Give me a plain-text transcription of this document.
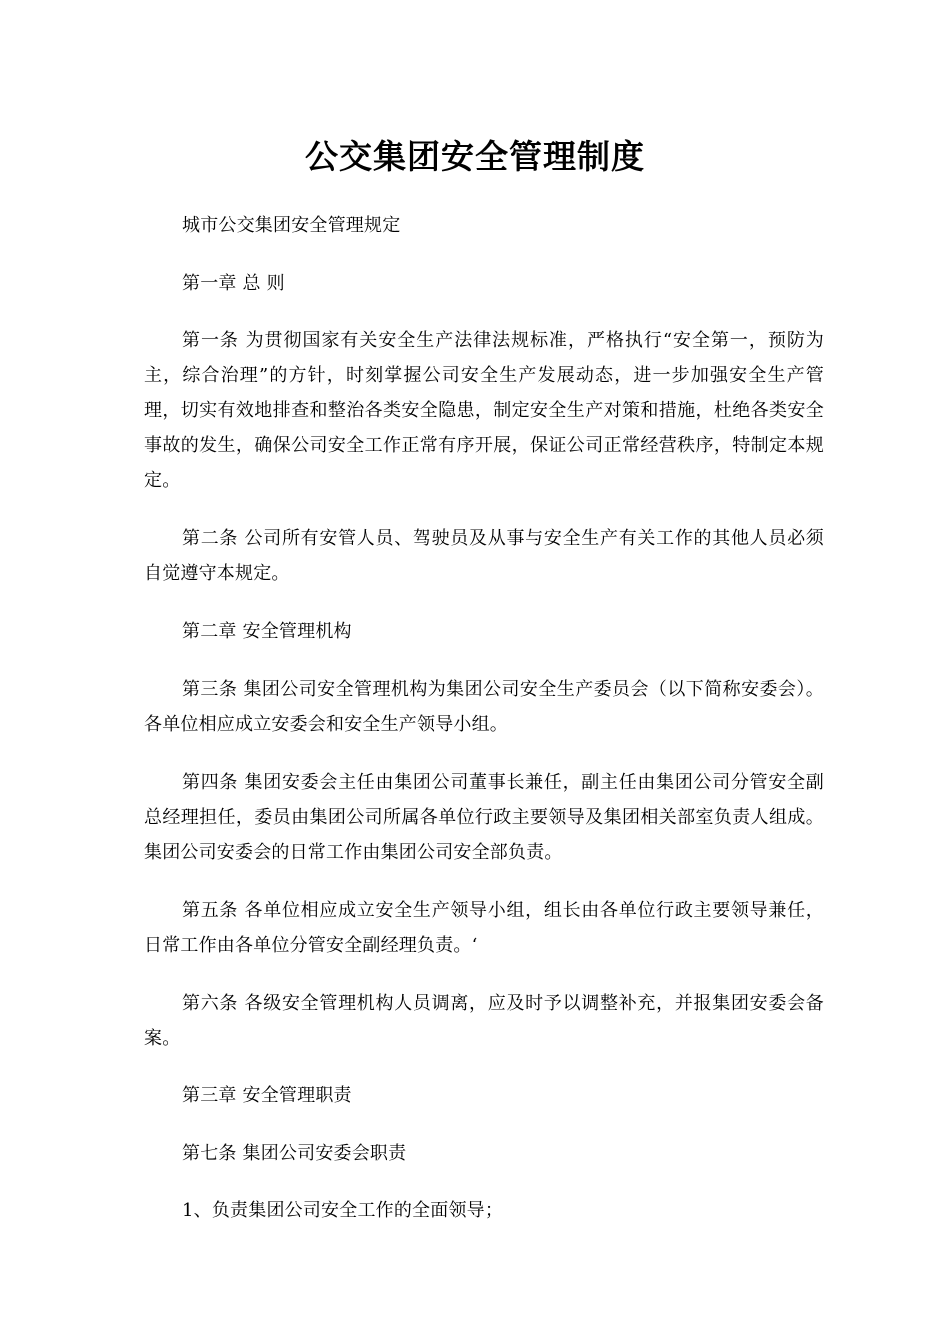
公交集团安全管理制度

城市公交集团安全管理规定

第一章 总 则

第一条 为贯彻国家有关安全生产法律法规标准，严格执行“安全第一，预防为主，综合治理”的方针，时刻掌握公司安全生产发展动态，进一步加强安全生产管理，切实有效地排查和整治各类安全隐患，制定安全生产对策和措施，杜绝各类安全事故的发生，确保公司安全工作正常有序开展，保证公司正常经营秩序，特制定本规定。

第二条 公司所有安管人员、驾驶员及从事与安全生产有关工作的其他人员必须自觉遵守本规定。

第二章 安全管理机构

第三条 集团公司安全管理机构为集团公司安全生产委员会（以下简称安委会）。各单位相应成立安委会和安全生产领导小组。

第四条 集团安委会主任由集团公司董事长兼任，副主任由集团公司分管安全副总经理担任，委员由集团公司所属各单位行政主要领导及集团相关部室负责人组成。集团公司安委会的日常工作由集团公司安全部负责。

第五条 各单位相应成立安全生产领导小组，组长由各单位行政主要领导兼任，日常工作由各单位分管安全副经理负责。‘

第六条 各级安全管理机构人员调离，应及时予以调整补充，并报集团安委会备案。

第三章 安全管理职责

第七条 集团公司安委会职责

1、负责集团公司安全工作的全面领导；
